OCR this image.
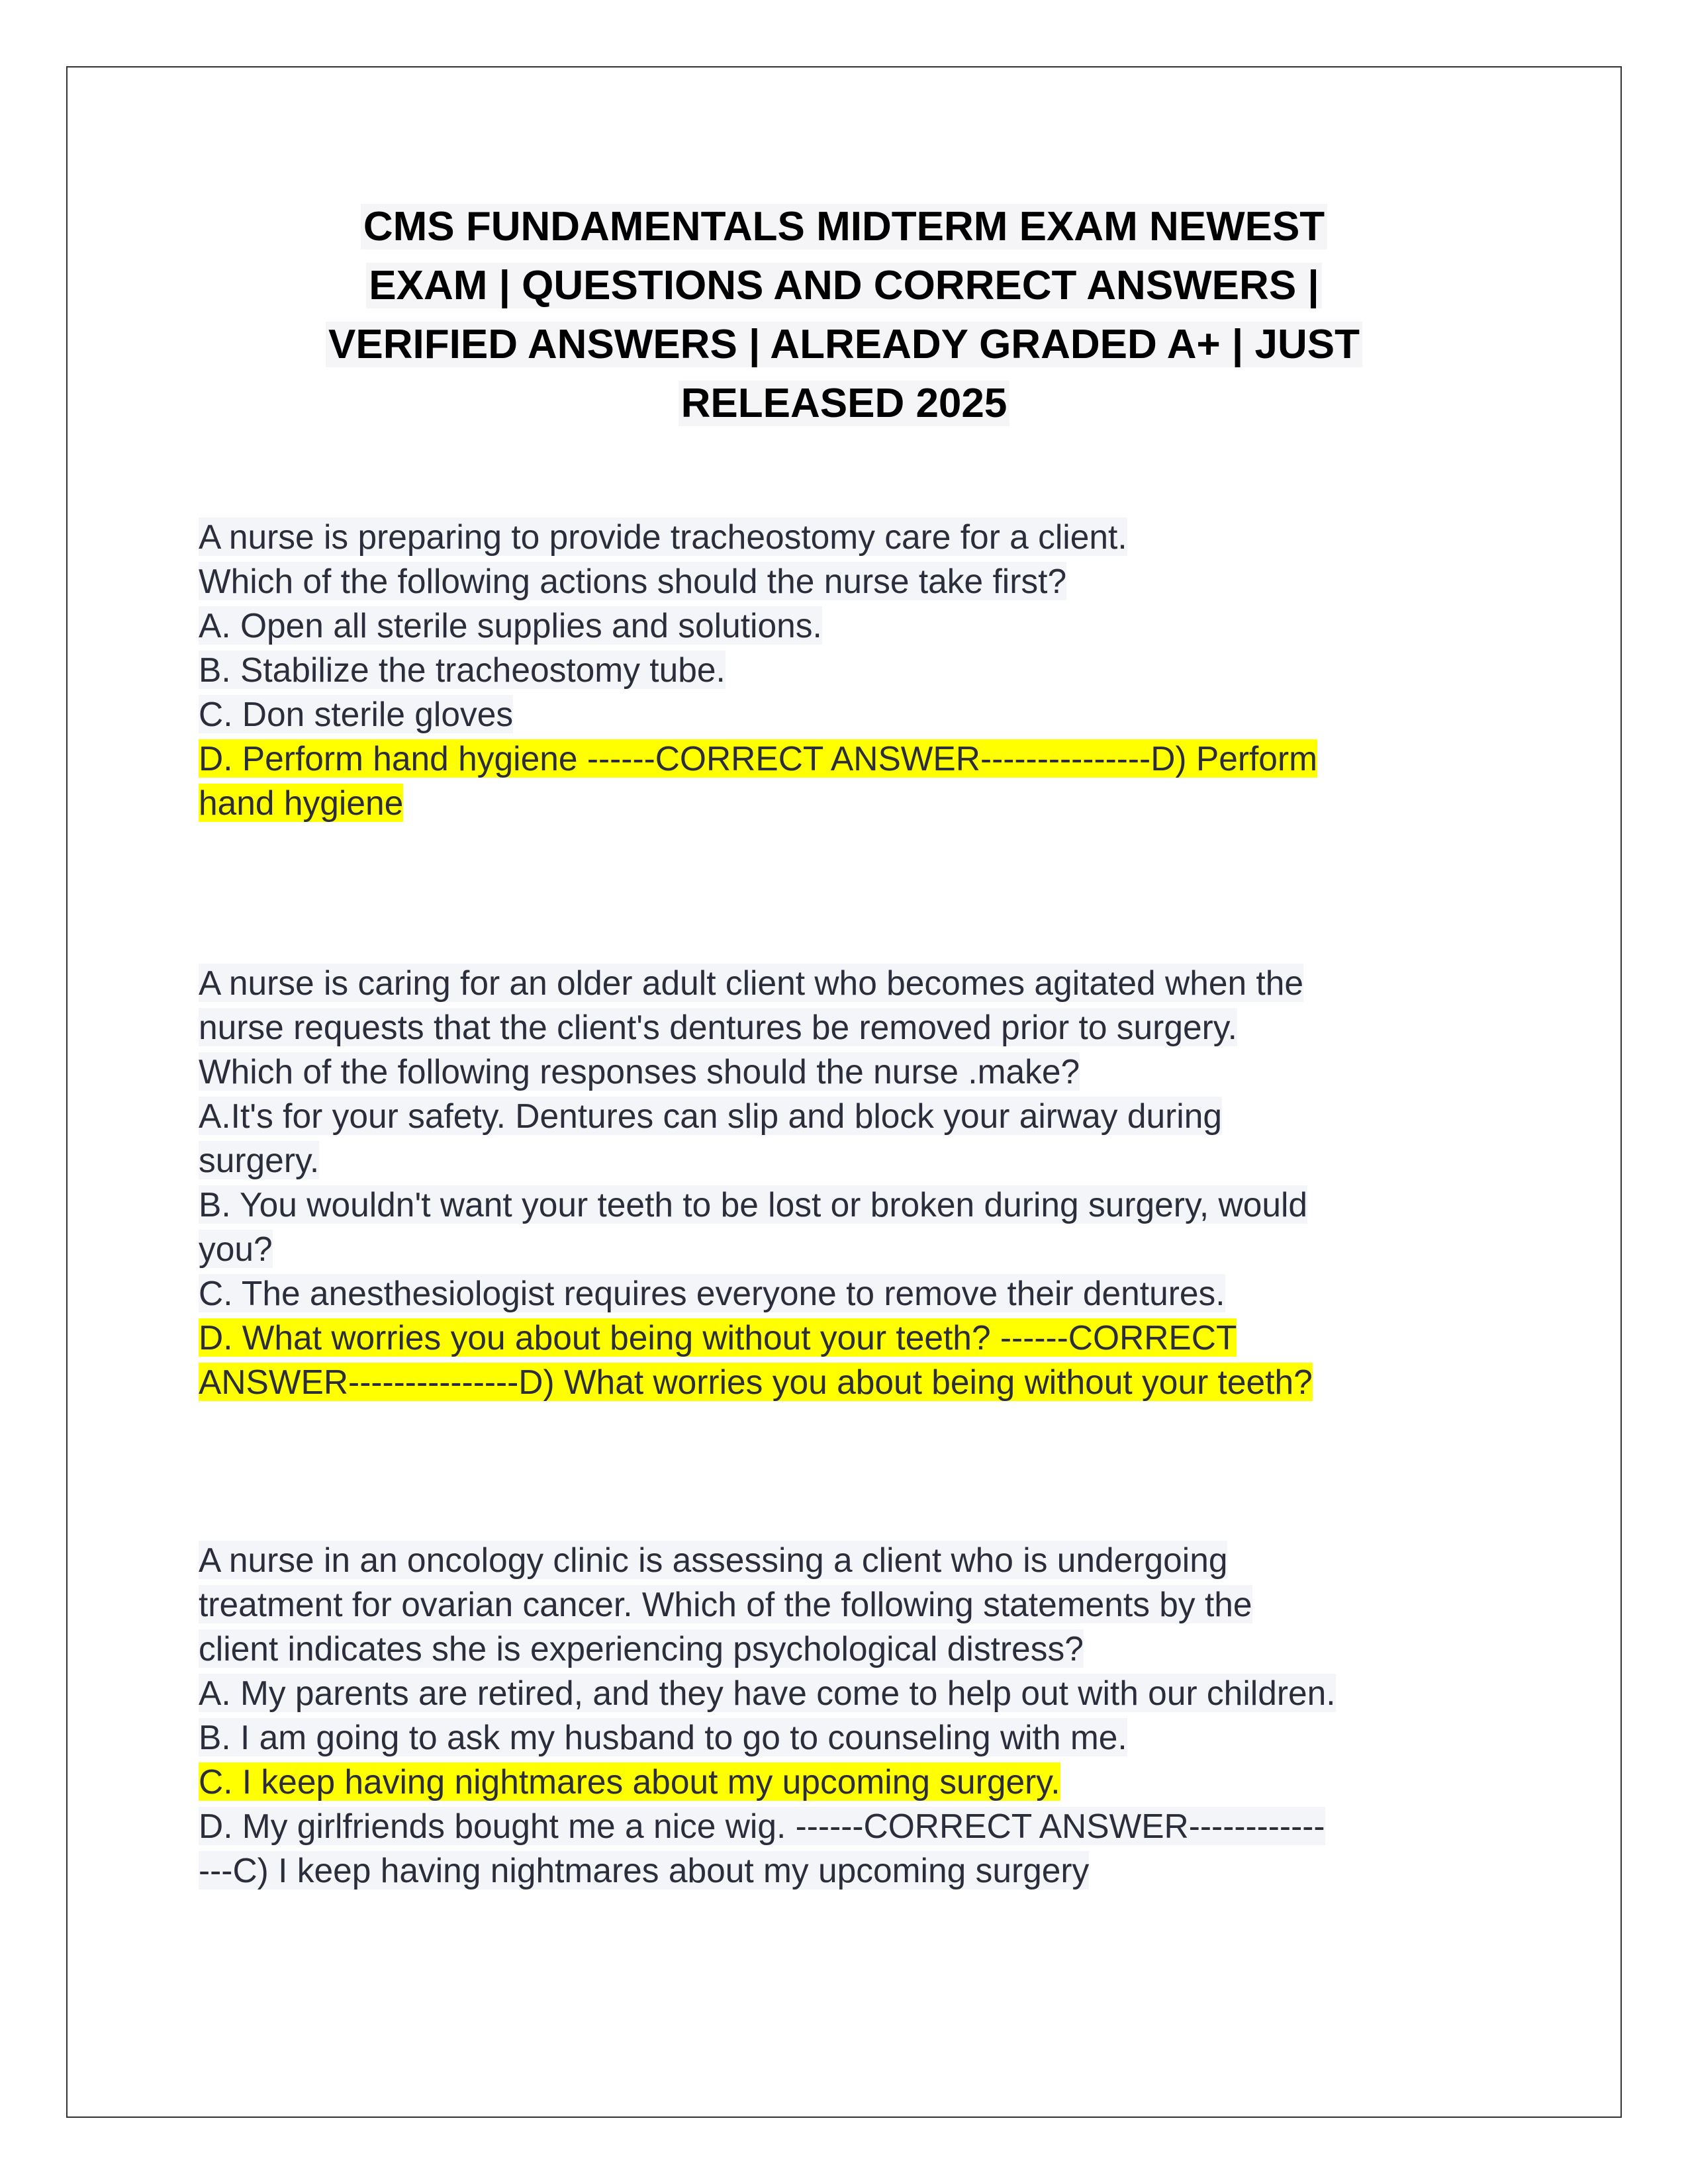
CMS FUNDAMENTALS MIDTERM EXAM NEWEST
EXAM | QUESTIONS AND CORRECT ANSWERS |
VERIFIED ANSWERS | ALREADY GRADED A+ | JUST
RELEASED 2025
A nurse is preparing to provide tracheostomy care for a client.
Which of the following actions should the nurse take first?
A. Open all sterile supplies and solutions.
B. Stabilize the tracheostomy tube.
C. Don sterile gloves
D. Perform hand hygiene ------CORRECT ANSWER---------------D) Perform
hand hygiene
A nurse is caring for an older adult client who becomes agitated when the
nurse requests that the client's dentures be removed prior to surgery.
Which of the following responses should the nurse .make?
A.It's for your safety. Dentures can slip and block your airway during
surgery.
B. You wouldn't want your teeth to be lost or broken during surgery, would
you?
C. The anesthesiologist requires everyone to remove their dentures.
D. What worries you about being without your teeth? ------CORRECT
ANSWER---------------D) What worries you about being without your teeth?
A nurse in an oncology clinic is assessing a client who is undergoing
treatment for ovarian cancer. Which of the following statements by the
client indicates she is experiencing psychological distress?
A. My parents are retired, and they have come to help out with our children.
B. I am going to ask my husband to go to counseling with me.
C. I keep having nightmares about my upcoming surgery.
D. My girlfriends bought me a nice wig. ------CORRECT ANSWER------------
---C) I keep having nightmares about my upcoming surgery
